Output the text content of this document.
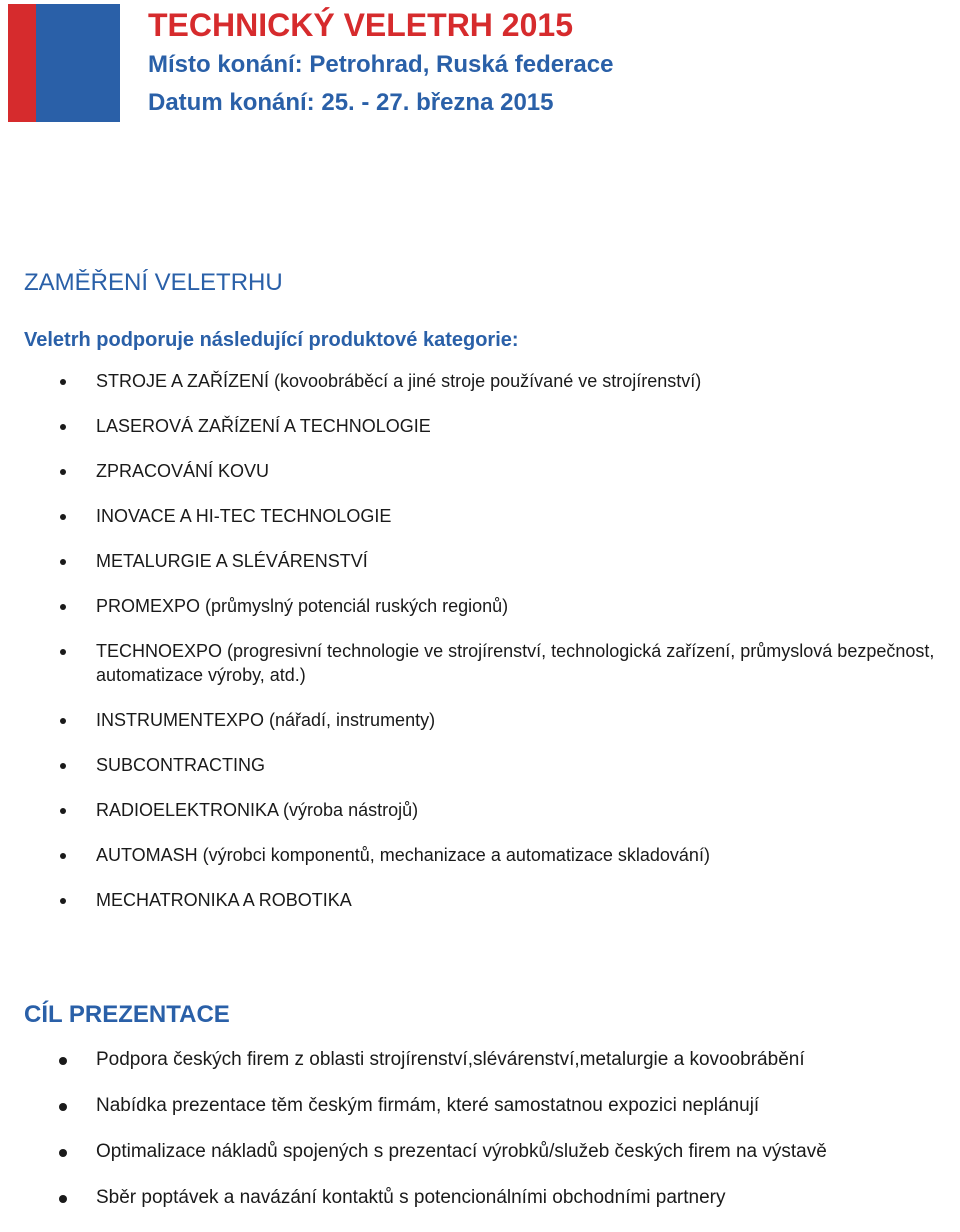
TECHNICKÝ VELETRH 2015

Místo konání: Petrohrad, Ruská federace

Datum konání: 25. - 27. března 2015

ZAMĚŘENÍ VELETRHU

Veletrh podporuje následující produktové kategorie:

STROJE A ZAŘÍZENÍ (kovoobráběcí a jiné stroje používané ve strojírenství)
LASEROVÁ ZAŘÍZENÍ A TECHNOLOGIE
ZPRACOVÁNÍ KOVU
INOVACE A HI-TEC TECHNOLOGIE
METALURGIE A SLÉVÁRENSTVÍ
PROMEXPO (průmyslný potenciál ruských regionů)
TECHNOEXPO (progresivní technologie ve strojírenství, technologická zařízení, průmyslová bezpečnost, automatizace výroby, atd.)
INSTRUMENTEXPO (nářadí, instrumenty)
SUBCONTRACTING
RADIOELEKTRONIKA (výroba nástrojů)
AUTOMASH (výrobci komponentů, mechanizace a automatizace skladování)
MECHATRONIKA A ROBOTIKA

CÍL PREZENTACE

Podpora českých firem z oblasti strojírenství,slévárenství,metalurgie a kovoobrábění
Nabídka prezentace těm českým firmám, které samostatnou expozici neplánují
Optimalizace nákladů spojených s prezentací výrobků/služeb českých firem na výstavě
Sběr poptávek a navázání kontaktů s potencionálními obchodními partnery
